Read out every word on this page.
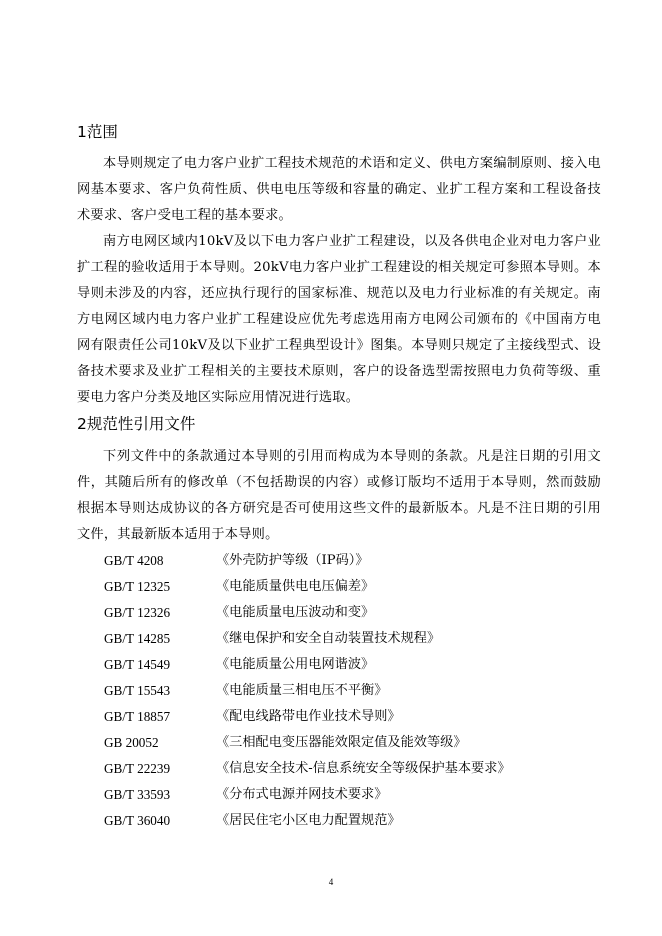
1范围

本导则规定了电力客户业扩工程技术规范的术语和定义、供电方案编制原则、接入电网基本要求、客户负荷性质、供电电压等级和容量的确定、业扩工程方案和工程设备技术要求、客户受电工程的基本要求。

南方电网区域内10kV及以下电力客户业扩工程建设，以及各供电企业对电力客户业扩工程的验收适用于本导则。20kV电力客户业扩工程建设的相关规定可参照本导则。本导则未涉及的内容，还应执行现行的国家标准、规范以及电力行业标准的有关规定。南方电网区域内电力客户业扩工程建设应优先考虑选用南方电网公司颁布的《中国南方电网有限责任公司10kV及以下业扩工程典型设计》图集。本导则只规定了主接线型式、设备技术要求及业扩工程相关的主要技术原则，客户的设备选型需按照电力负荷等级、重要电力客户分类及地区实际应用情况进行选取。

2规范性引用文件

下列文件中的条款通过本导则的引用而构成为本导则的条款。凡是注日期的引用文件，其随后所有的修改单（不包括勘误的内容）或修订版均不适用于本导则，然而鼓励根据本导则达成协议的各方研究是否可使用这些文件的最新版本。凡是不注日期的引用文件，其最新版本适用于本导则。

GB/T 4208	《外壳防护等级（IP码）》
GB/T 12325	《电能质量供电电压偏差》
GB/T 12326	《电能质量电压波动和变》
GB/T 14285	《继电保护和安全自动装置技术规程》
GB/T 14549	《电能质量公用电网谐波》
GB/T 15543	《电能质量三相电压不平衡》
GB/T 18857	《配电线路带电作业技术导则》
GB 20052	《三相配电变压器能效限定值及能效等级》
GB/T 22239	《信息安全技术-信息系统安全等级保护基本要求》
GB/T 33593	《分布式电源并网技术要求》
GB/T 36040	《居民住宅小区电力配置规范》
4
